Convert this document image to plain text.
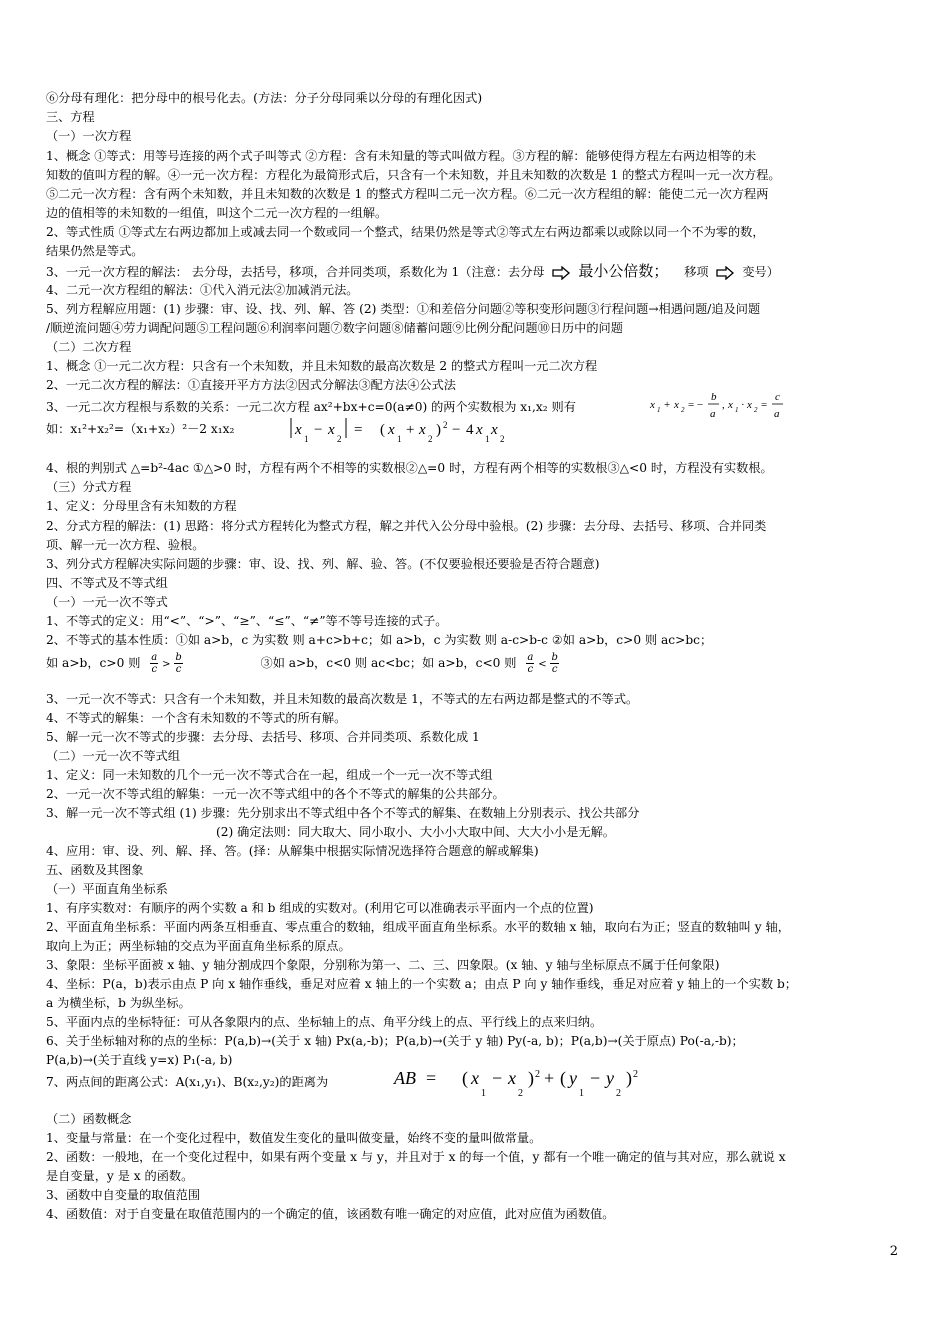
⑥分母有理化：把分母中的根号化去。(方法：分子分母同乘以分母的有理化因式)
三、方程
（一）一次方程
1、概念 ①等式：用等号连接的两个式子叫等式 ②方程：含有未知量的等式叫做方程。③方程的解：能够使得方程左右两边相等的未
知数的值叫方程的解。④一元一次方程：方程化为最简形式后，只含有一个未知数，并且未知数的次数是 1 的整式方程叫一元一次方程。
⑤二元一次方程：含有两个未知数，并且未知数的次数是 1 的整式方程叫二元一次方程。⑥二元一次方程组的解：能使二元一次方程两
边的值相等的未知数的一组值，叫这个二元一次方程的一组解。
2、等式性质 ①等式左右两边都加上或减去同一个数或同一个整式，结果仍然是等式②等式左右两边都乘以或除以同一个不为零的数，
结果仍然是等式。
3、一元一次方程的解法： 去分母，去括号，移项，合并同类项，系数化为 1（注意：去分母 最小公倍数； 移项	变号）
4、二元一次方程组的解法：①代入消元法②加减消元法。
5、列方程解应用题：(1) 步骤：审、设、找、列、解、答 (2) 类型：①和差倍分问题②等积变形问题③行程问题→相遇问题/追及问题
/顺逆流问题④劳力调配问题⑤工程问题⑥利润率问题⑦数字问题⑧储蓄问题⑨比例分配问题⑩日历中的问题
（二）二次方程
1、概念 ①一元二次方程：只含有一个未知数，并且未知数的最高次数是 2 的整式方程叫一元二次方程
2、一元二次方程的解法：①直接开平方方法②因式分解法③配方法④公式法
3、一元二次方程根与系数的关系：一元二次方程 ax²+bx+c=0(a≠0) 的两个实数根为 x₁,x₂ 则有	x 1 + x 2 = −
b
a
, x 1 · x 2 =
c
a
如：x₁²+x₂²=（x₁+x₂）²－2 x₁x₂	x
1
− x
2
= ( x
1
+ x
2
) 2 − 4 x
1
x
2
4、根的判别式 △=b²-4ac ①△>0 时，方程有两个不相等的实数根②△=0 时，方程有两个相等的实数根③△<0 时，方程没有实数根。
（三）分式方程
1、定义：分母里含有未知数的方程
2、分式方程的解法：(1) 思路：将分式方程转化为整式方程，解之并代入公分母中验根。(2) 步骤：去分母、去括号、移项、合并同类
项、解一元一次方程、验根。
3、列分式方程解决实际问题的步骤：审、设、找、列、解、验、答。(不仅要验根还要验是否符合题意)
四、不等式及不等式组
（一）一元一次不等式
1、不等式的定义：用“<”、“>”、“≥”、“≤”、“≠”等不等号连接的式子。
2、不等式的基本性质：①如 a>b，c 为实数 则 a+c>b+c；如 a>b，c 为实数 则 a-c>b-c ②如 a>b，c>0 则 ac>bc；
如 a>b，c>0 则 $\frac{a}{c} > \frac{b}{c}$	③如 a>b，c<0 则 ac<bc；如 a>b，c<0 则 $\frac{a}{c} < \frac{b}{c}$
3、一元一次不等式：只含有一个未知数，并且未知数的最高次数是 1，不等式的左右两边都是整式的不等式。
4、不等式的解集：一个含有未知数的不等式的所有解。
5、解一元一次不等式的步骤：去分母、去括号、移项、合并同类项、系数化成 1
（二）一元一次不等式组
1、定义：同一未知数的几个一元一次不等式合在一起，组成一个一元一次不等式组
2、一元一次不等式组的解集：一元一次不等式组中的各个不等式的解集的公共部分。
3、解一元一次不等式组 (1) 步骤：先分别求出不等式组中各个不等式的解集、在数轴上分别表示、找公共部分
(2) 确定法则：同大取大、同小取小、大小小大取中间、大大小小是无解。
4、应用：审、设、列、解、择、答。(择：从解集中根据实际情况选择符合题意的解或解集)
五、函数及其图象
（一）平面直角坐标系
1、有序实数对：有顺序的两个实数 a 和 b 组成的实数对。(利用它可以准确表示平面内一个点的位置)
2、平面直角坐标系：平面内两条互相垂直、零点重合的数轴，组成平面直角坐标系。水平的数轴 x 轴，取向右为正；竖直的数轴叫 y 轴，
取向上为正；两坐标轴的交点为平面直角坐标系的原点。
3、象限：坐标平面被 x 轴、y 轴分割成四个象限，分别称为第一、二、三、四象限。(x 轴、y 轴与坐标原点不属于任何象限)
4、坐标：P(a，b)表示由点 P 向 x 轴作垂线，垂足对应着 x 轴上的一个实数 a；由点 P 向 y 轴作垂线，垂足对应着 y 轴上的一个实数 b；
a 为横坐标，b 为纵坐标。
5、平面内点的坐标特征：可从各象限内的点、坐标轴上的点、角平分线上的点、平行线上的点来归纳。
6、关于坐标轴对称的点的坐标：P(a,b)→(关于 x 轴) Px(a,-b)；P(a,b)→(关于 y 轴) Py(-a, b)；P(a,b)→(关于原点) Po(-a,-b)；
P(a,b)→(关于直线 y=x) P₁(-a, b)
7、两点间的距离公式：A(x₁,y₁)、B(x₂,y₂)的距离为	AB = ( x
1
− x
2
) 2 + ( y
1
− y
2
) 2
（二）函数概念
1、变量与常量：在一个变化过程中，数值发生变化的量叫做变量，始终不变的量叫做常量。
2、函数：一般地，在一个变化过程中，如果有两个变量 x 与 y，并且对于 x 的每一个值，y 都有一个唯一确定的值与其对应，那么就说 x
是自变量，y 是 x 的函数。
3、函数中自变量的取值范围
4、函数值：对于自变量在取值范围内的一个确定的值，该函数有唯一确定的对应值，此对应值为函数值。
2
